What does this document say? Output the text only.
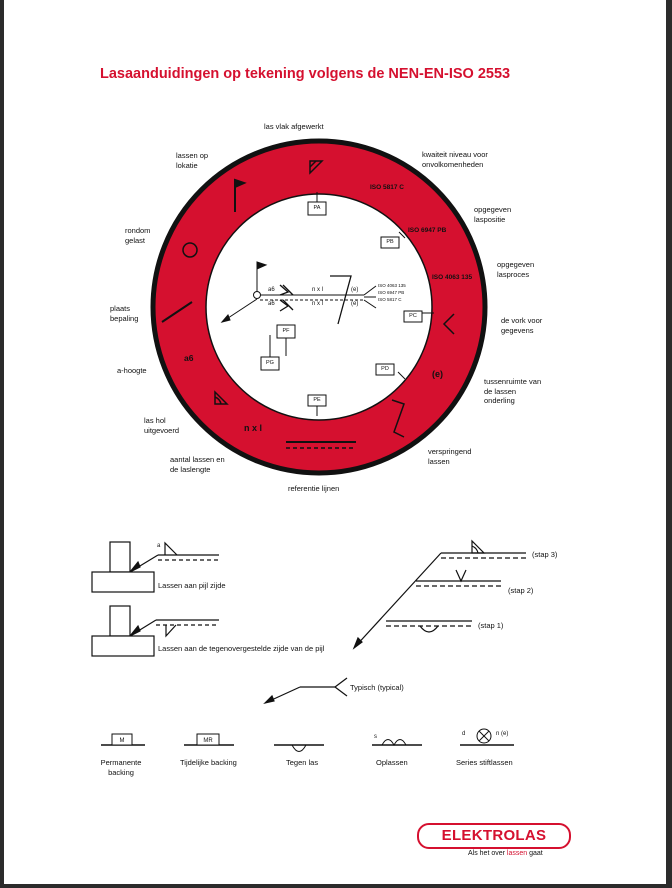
Lasaanduidingen op tekening volgens de NEN-EN-ISO 2553
las vlak afgewerkt
kwaiteit niveau voor onvolkomenheden
lassen op lokatie
opgegeven laspositie
rondom gelast
opgegeven lasproces
plaats bepaling	de vork voor gegevens
a-hoogte
tussenruimte van de lassen onderling
las hol uitgevoerd
verspringend lassen
aantal lassen en de laslengte
referentie lijnen
ISO 5817 C
ISO 6947 PB
ISO 4063 135
a6
(e)
n x l
PA
PB
PC
PD
PE
PF
PG
a6
a6
n x l
n x l
(e)
(e)
ISO 4063 135
ISO 6947 PB
ISO 5817 C
a
Lassen aan pijl zijde
Lassen aan de tegenovergestelde zijde van de pijl
(stap 3)
(stap 2)
(stap 1)
Typisch (typical)
M	MR
s	d	n (e)
Permanente backing
Tijdelijke backing	Tegen las	Oplassen	Series stiftlassen
ELEKTROLAS
Als het over lassen gaat
